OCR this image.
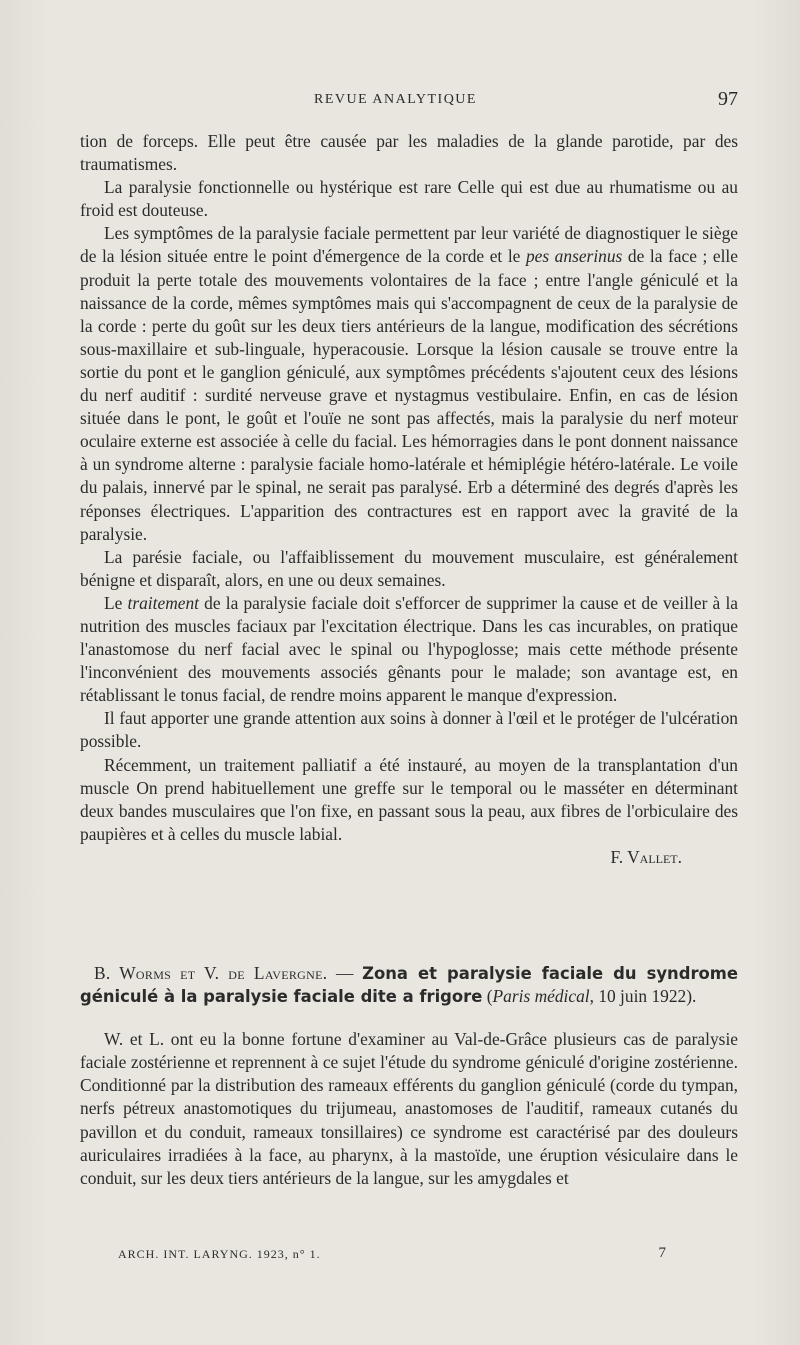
REVUE ANALYTIQUE	97

tion de forceps. Elle peut être causée par les maladies de la glande parotide, par des traumatismes.

La paralysie fonctionnelle ou hystérique est rare Celle qui est due au rhumatisme ou au froid est douteuse.

Les symptômes de la paralysie faciale permettent par leur variété de diagnostiquer le siège de la lésion située entre le point d'émergence de la corde et le pes anserinus de la face ; elle produit la perte totale des mouvements volontaires de la face ; entre l'angle géniculé et la naissance de la corde, mêmes symptômes mais qui s'accompagnent de ceux de la paralysie de la corde : perte du goût sur les deux tiers antérieurs de la langue, modification des sécrétions sous-maxillaire et sub-linguale, hyperacousie. Lorsque la lésion causale se trouve entre la sortie du pont et le ganglion géniculé, aux symptômes précédents s'ajoutent ceux des lésions du nerf auditif : surdité nerveuse grave et nystagmus vestibulaire. Enfin, en cas de lésion située dans le pont, le goût et l'ouïe ne sont pas affectés, mais la paralysie du nerf moteur oculaire externe est associée à celle du facial. Les hémorragies dans le pont donnent naissance à un syndrome alterne : paralysie faciale homo-latérale et hémiplégie hétéro-latérale. Le voile du palais, innervé par le spinal, ne serait pas paralysé. Erb a déterminé des degrés d'après les réponses électriques. L'apparition des contractures est en rapport avec la gravité de la paralysie.

La parésie faciale, ou l'affaiblissement du mouvement musculaire, est généralement bénigne et disparaît, alors, en une ou deux semaines.

Le traitement de la paralysie faciale doit s'efforcer de supprimer la cause et de veiller à la nutrition des muscles faciaux par l'excitation électrique. Dans les cas incurables, on pratique l'anastomose du nerf facial avec le spinal ou l'hypoglosse; mais cette méthode présente l'inconvénient des mouvements associés gênants pour le malade; son avantage est, en rétablissant le tonus facial, de rendre moins apparent le manque d'expression.

Il faut apporter une grande attention aux soins à donner à l'œil et le protéger de l'ulcération possible.

Récemment, un traitement palliatif a été instauré, au moyen de la transplantation d'un muscle On prend habituellement une greffe sur le temporal ou le masséter en déterminant deux bandes musculaires que l'on fixe, en passant sous la peau, aux fibres de l'orbiculaire des paupières et à celles du muscle labial.

F. Vallet.

B. Worms et V. de Lavergne. — Zona et paralysie faciale du syndrome géniculé à la paralysie faciale dite a frigore (Paris médical, 10 juin 1922).

W. et L. ont eu la bonne fortune d'examiner au Val-de-Grâce plusieurs cas de paralysie faciale zostérienne et reprennent à ce sujet l'étude du syndrome géniculé d'origine zostérienne. Conditionné par la distribution des rameaux efférents du ganglion géniculé (corde du tympan, nerfs pétreux anastomotiques du trijumeau, anastomoses de l'auditif, rameaux cutanés du pavillon et du conduit, rameaux tonsillaires) ce syndrome est caractérisé par des douleurs auriculaires irradiées à la face, au pharynx, à la mastoïde, une éruption vésiculaire dans le conduit, sur les deux tiers antérieurs de la langue, sur les amygdales et

ARCH. INT. LARYNG. 1923, n° 1.	7
